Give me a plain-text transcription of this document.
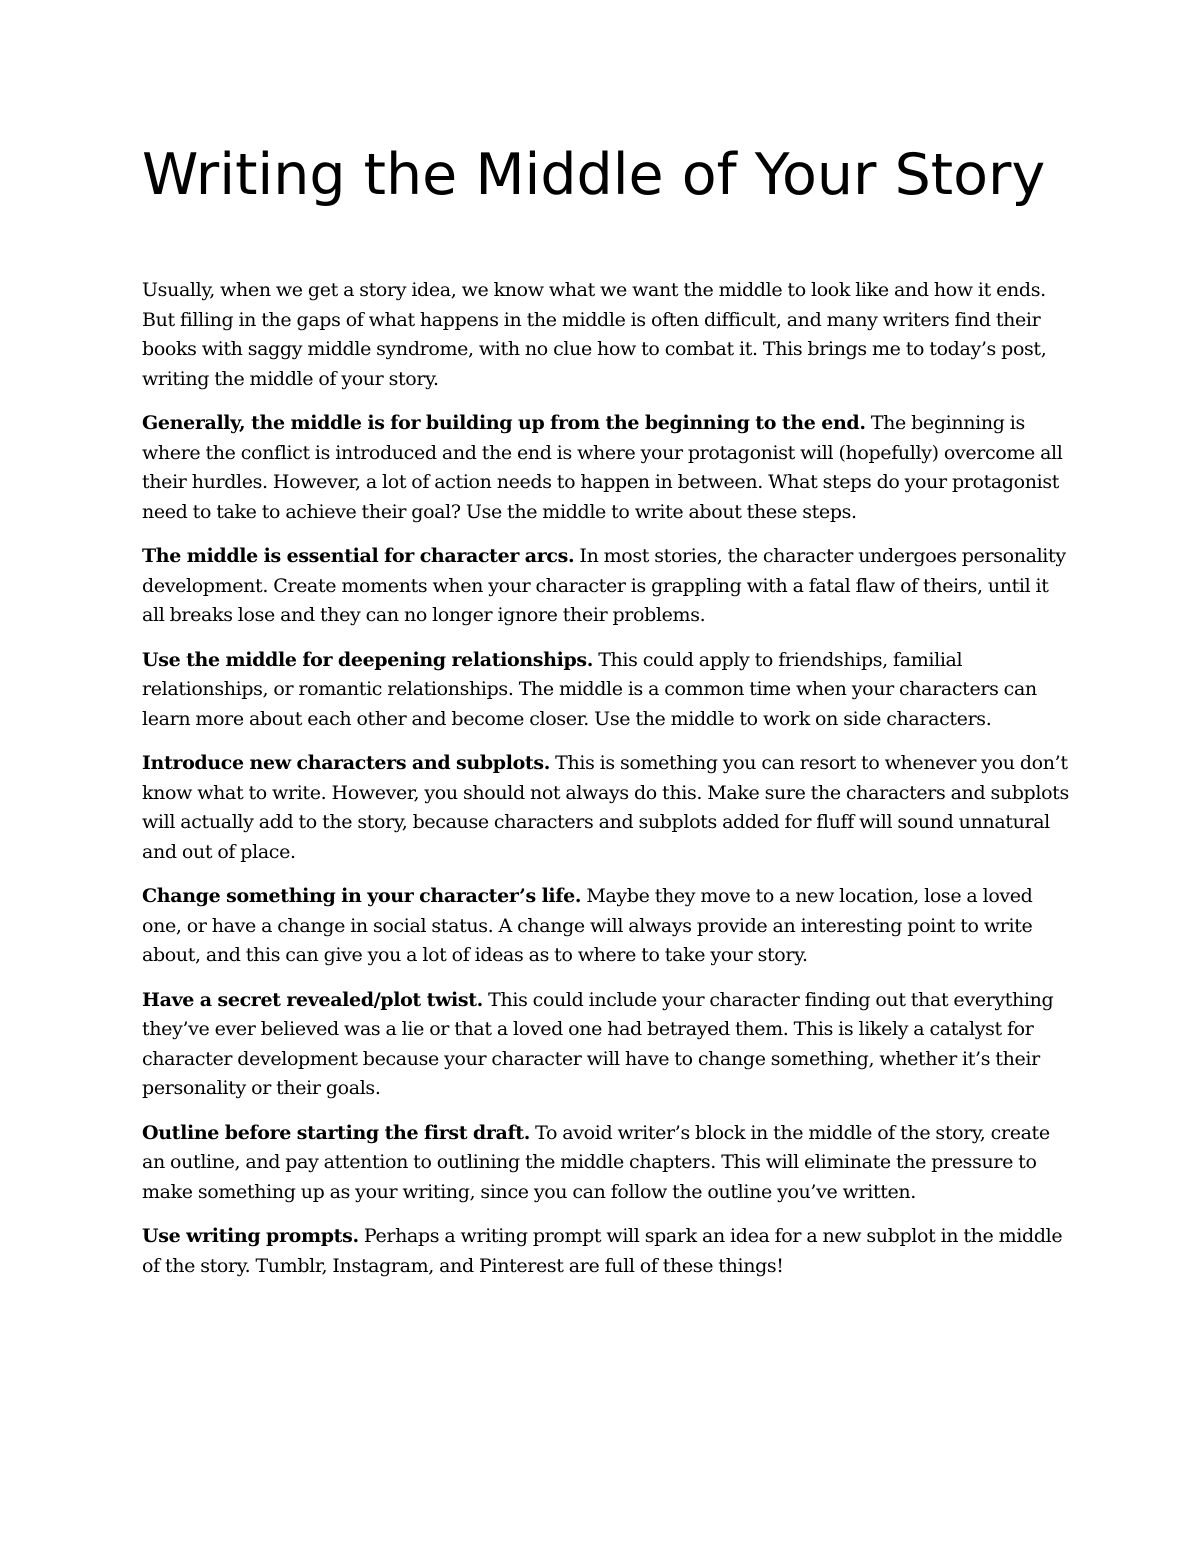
Writing the Middle of Your Story

Usually, when we get a story idea, we know what we want the middle to look like and how it ends. But filling in the gaps of what happens in the middle is often difficult, and many writers find their books with saggy middle syndrome, with no clue how to combat it. This brings me to today’s post, writing the middle of your story.

Generally, the middle is for building up from the beginning to the end. The beginning is where the conflict is introduced and the end is where your protagonist will (hopefully) overcome all their hurdles. However, a lot of action needs to happen in between. What steps do your protagonist need to take to achieve their goal? Use the middle to write about these steps.

The middle is essential for character arcs. In most stories, the character undergoes personality development. Create moments when your character is grappling with a fatal flaw of theirs, until it all breaks lose and they can no longer ignore their problems.

Use the middle for deepening relationships. This could apply to friendships, familial relationships, or romantic relationships. The middle is a common time when your characters can learn more about each other and become closer. Use the middle to work on side characters.

Introduce new characters and subplots. This is something you can resort to whenever you don’t know what to write. However, you should not always do this. Make sure the characters and subplots will actually add to the story, because characters and subplots added for fluff will sound unnatural and out of place.

Change something in your character’s life. Maybe they move to a new location, lose a loved one, or have a change in social status. A change will always provide an interesting point to write about, and this can give you a lot of ideas as to where to take your story.

Have a secret revealed/plot twist. This could include your character finding out that everything they’ve ever believed was a lie or that a loved one had betrayed them. This is likely a catalyst for character development because your character will have to change something, whether it’s their personality or their goals.

Outline before starting the first draft. To avoid writer’s block in the middle of the story, create an outline, and pay attention to outlining the middle chapters. This will eliminate the pressure to make something up as your writing, since you can follow the outline you’ve written.

Use writing prompts. Perhaps a writing prompt will spark an idea for a new subplot in the middle of the story. Tumblr, Instagram, and Pinterest are full of these things!
